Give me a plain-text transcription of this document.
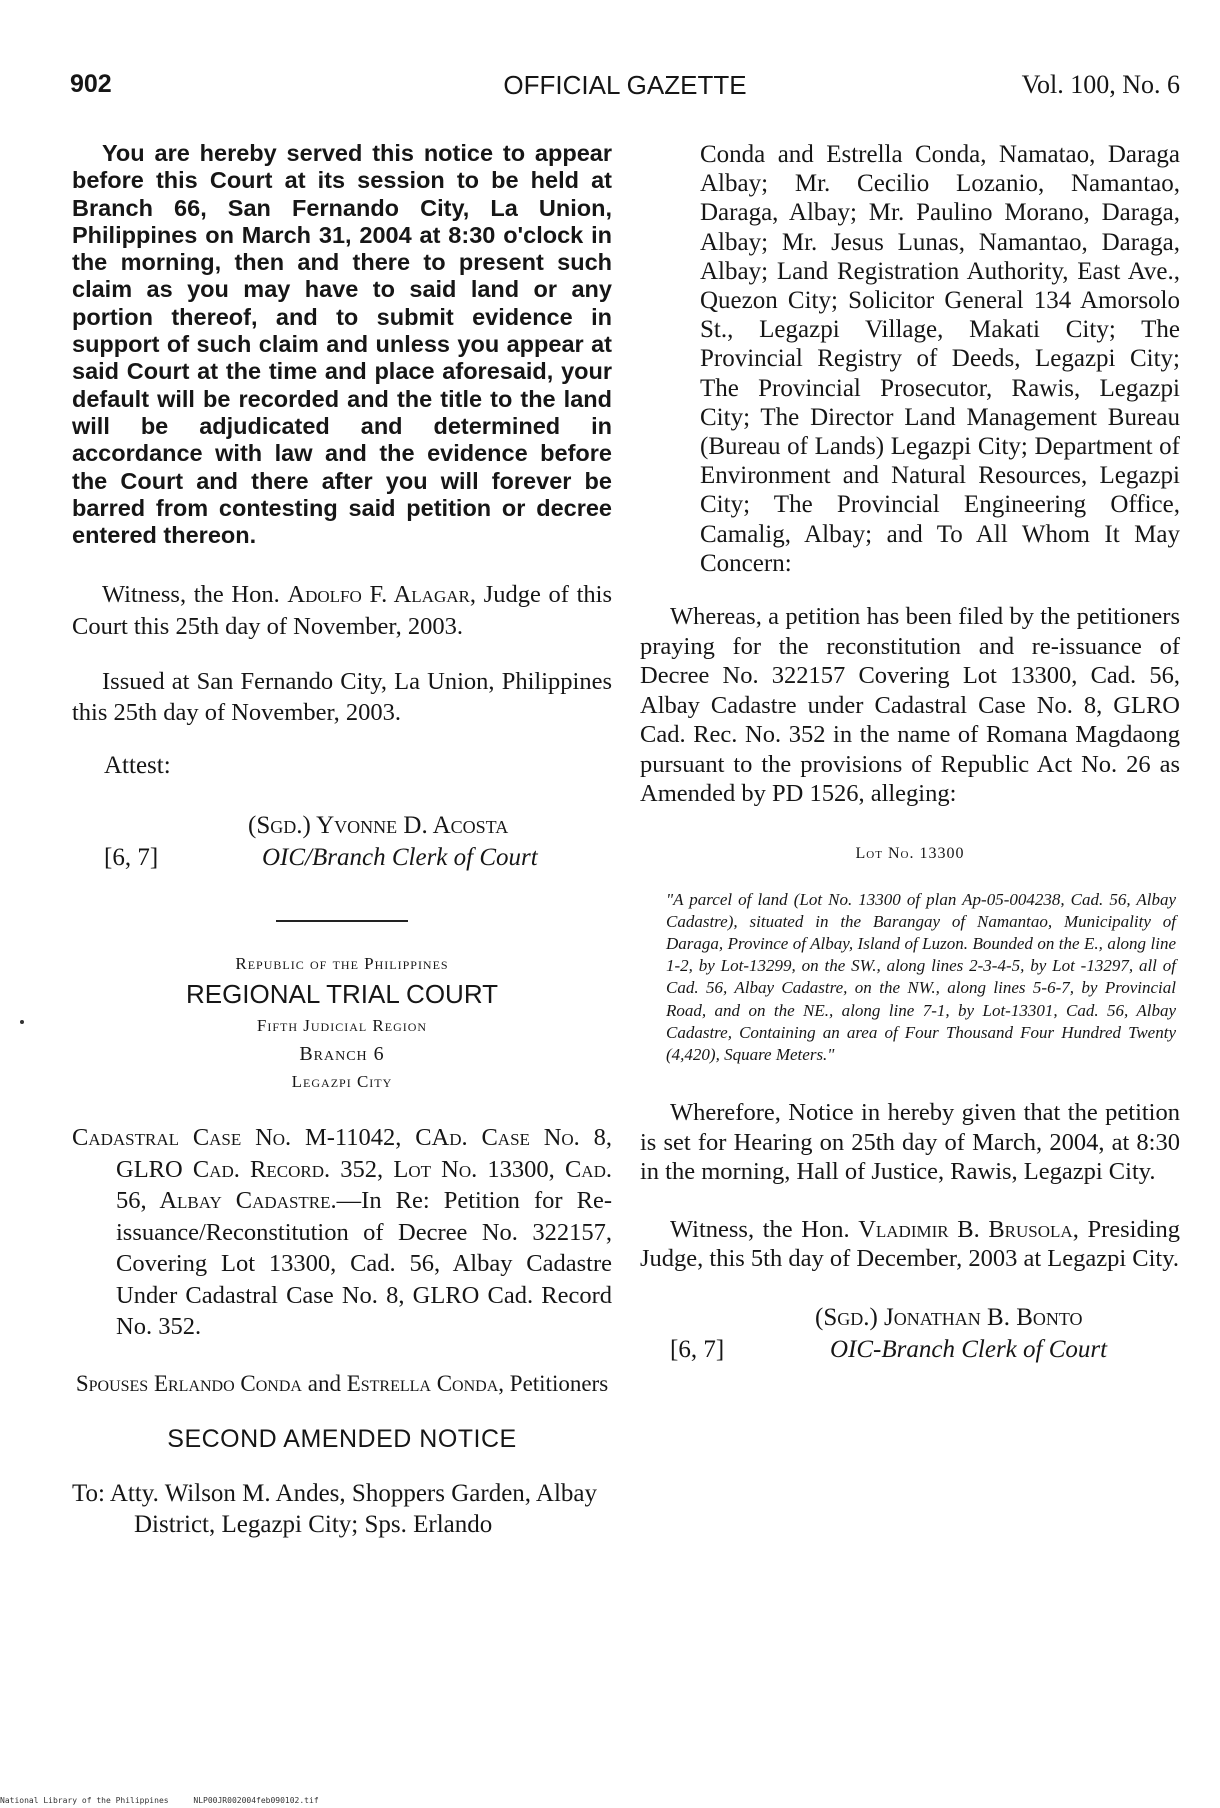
902	OFFICIAL GAZETTE	Vol. 100, No. 6

You are hereby served this notice to appear before this Court at its session to be held at Branch 66, San Fernando City, La Union, Philippines on March 31, 2004 at 8:30 o'clock in the morning, then and there to present such claim as you may have to said land or any portion thereof, and to submit evidence in support of such claim and unless you appear at said Court at the time and place aforesaid, your default will be recorded and the title to the land will be adjudicated and determined in accordance with law and the evidence before the Court and there after you will forever be barred from contesting said petition or decree entered thereon.

Witness, the Hon. Adolfo F. Alagar, Judge of this Court this 25th day of November, 2003.

Issued at San Fernando City, La Union, Philippines this 25th day of November, 2003.

Attest:

(Sgd.) Yvonne D. Acosta
[6, 7]	OIC/Branch Clerk of Court
Republic of the Philippines
REGIONAL TRIAL COURT
Fifth Judicial Region
Branch 6
Legazpi City

Cadastral Case No. M-11042, CAd. Case No. 8, GLRO Cad. Record. 352, Lot No. 13300, Cad. 56, Albay Cadastre.—In Re: Petition for Re-issuance/Reconstitution of Decree No. 322157, Covering Lot 13300, Cad. 56, Albay Cadastre Under Cadastral Case No. 8, GLRO Cad. Record No. 352.

Spouses Erlando Conda and Estrella Conda, Petitioners

SECOND AMENDED NOTICE

To: Atty. Wilson M. Andes, Shoppers Garden, Albay District, Legazpi City; Sps. Erlando

Conda and Estrella Conda, Namatao, Daraga Albay; Mr. Cecilio Lozanio, Namantao, Daraga, Albay; Mr. Paulino Morano, Daraga, Albay; Mr. Jesus Lunas, Namantao, Daraga, Albay; Land Registration Authority, East Ave., Quezon City; Solicitor General 134 Amorsolo St., Legazpi Village, Makati City; The Provincial Registry of Deeds, Legazpi City; The Provincial Prosecutor, Rawis, Legazpi City; The Director Land Management Bureau (Bureau of Lands) Legazpi City; Department of Environment and Natural Resources, Legazpi City; The Provincial Engineering Office, Camalig, Albay; and To All Whom It May Concern:

Whereas, a petition has been filed by the petitioners praying for the reconstitution and re-issuance of Decree No. 322157 Covering Lot 13300, Cad. 56, Albay Cadastre under Cadastral Case No. 8, GLRO Cad. Rec. No. 352 in the name of Romana Magdaong pursuant to the provisions of Republic Act No. 26 as Amended by PD 1526, alleging:

Lot No. 13300

"A parcel of land (Lot No. 13300 of plan Ap-05-004238, Cad. 56, Albay Cadastre), situated in the Barangay of Namantao, Municipality of Daraga, Province of Albay, Island of Luzon. Bounded on the E., along line 1-2, by Lot-13299, on the SW., along lines 2-3-4-5, by Lot -13297, all of Cad. 56, Albay Cadastre, on the NW., along lines 5-6-7, by Provincial Road, and on the NE., along line 7-1, by Lot-13301, Cad. 56, Albay Cadastre, Containing an area of Four Thousand Four Hundred Twenty (4,420), Square Meters."

Wherefore, Notice in hereby given that the petition is set for Hearing on 25th day of March, 2004, at 8:30 in the morning, Hall of Justice, Rawis, Legazpi City.

Witness, the Hon. Vladimir B. Brusola, Presiding Judge, this 5th day of December, 2003 at Legazpi City.

(Sgd.) Jonathan B. Bonto
[6, 7]	OIC-Branch Clerk of Court
National Library of the Philippines	NLP00JR002004feb090102.tif
